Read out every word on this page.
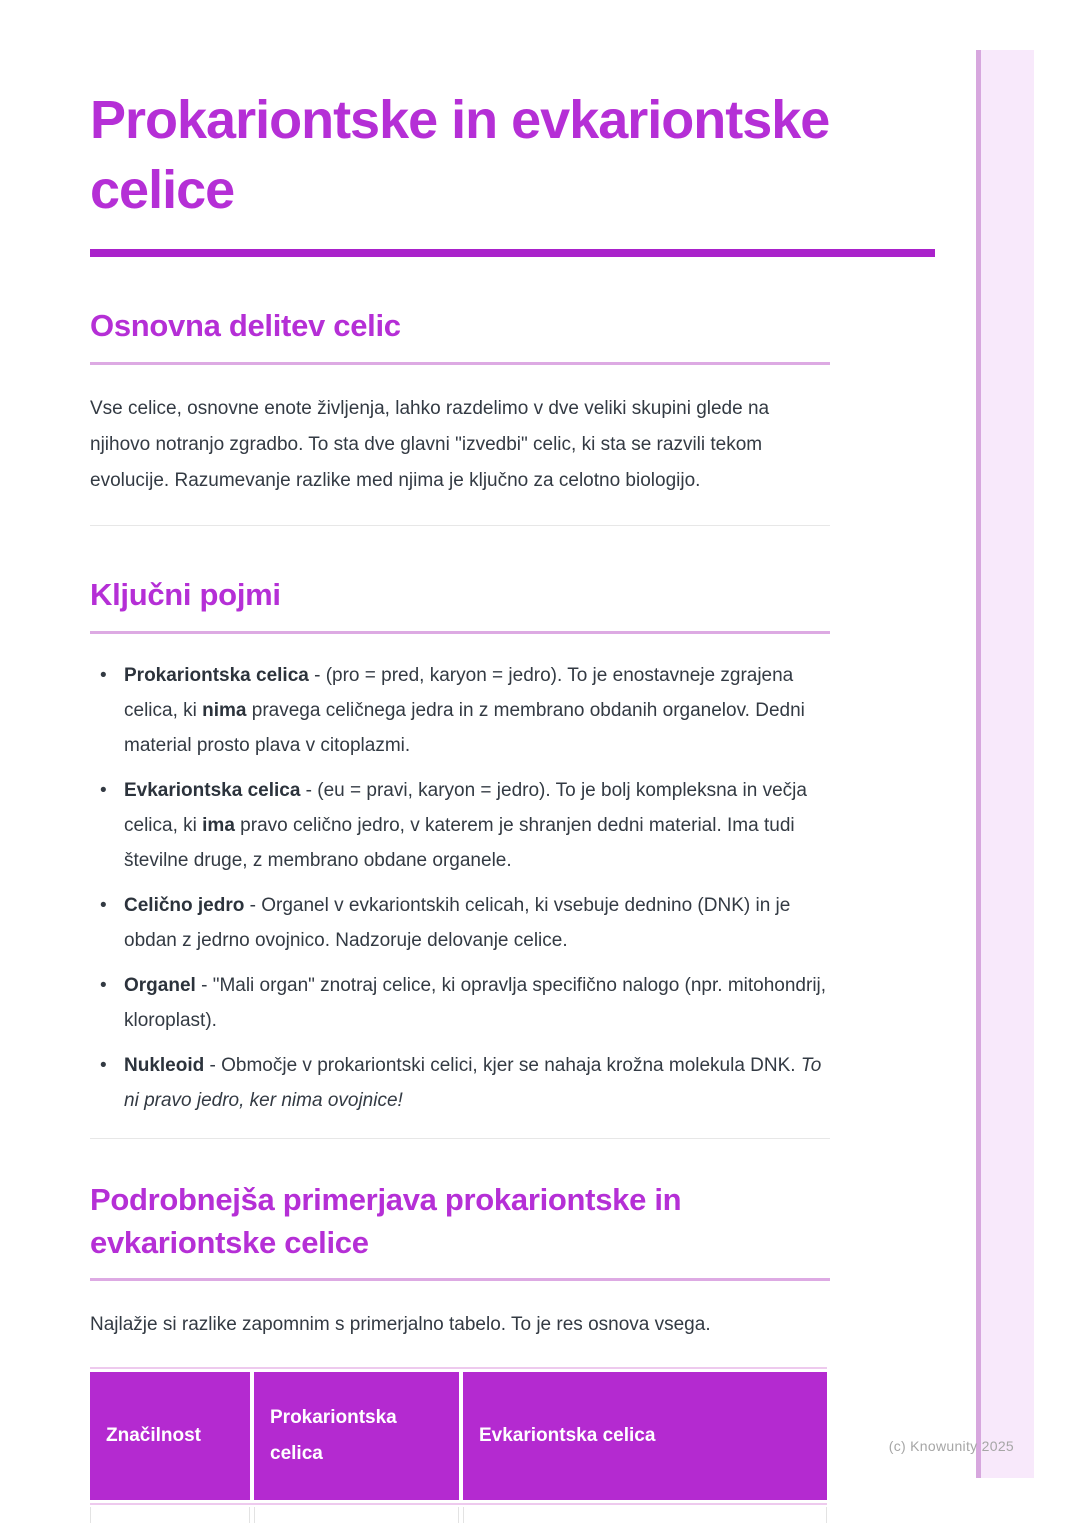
(c) Knowunity 2025
Prokariontske in evkariontske celice
Osnovna delitev celic

Vse celice, osnovne enote življenja, lahko razdelimo v dve veliki skupini glede na njihovo notranjo zgradbo. To sta dve glavni "izvedbi" celic, ki sta se razvili tekom evolucije. Razumevanje razlike med njima je ključno za celotno biologijo.

Ključni pojmi
• Prokariontska celica - (pro = pred, karyon = jedro). To je enostavneje zgrajena celica, ki nima pravega celičnega jedra in z membrano obdanih organelov. Dedni material prosto plava v citoplazmi.
• Evkariontska celica - (eu = pravi, karyon = jedro). To je bolj kompleksna in večja celica, ki ima pravo celično jedro, v katerem je shranjen dedni material. Ima tudi številne druge, z membrano obdane organele.
• Celično jedro - Organel v evkariontskih celicah, ki vsebuje dednino (DNK) in je obdan z jedrno ovojnico. Nadzoruje delovanje celice.
• Organel - "Mali organ" znotraj celice, ki opravlja specifično nalogo (npr. mitohondrij, kloroplast).
• Nukleoid - Območje v prokariontski celici, kjer se nahaja krožna molekula DNK. To ni pravo jedro, ker nima ovojnice!
Podrobnejša primerjava prokariontske in evkariontske celice

Najlažje si razlike zapomnim s primerjalno tabelo. To je res osnova vsega.

Značilnost
Prokariontska celica
Evkariontska celica
